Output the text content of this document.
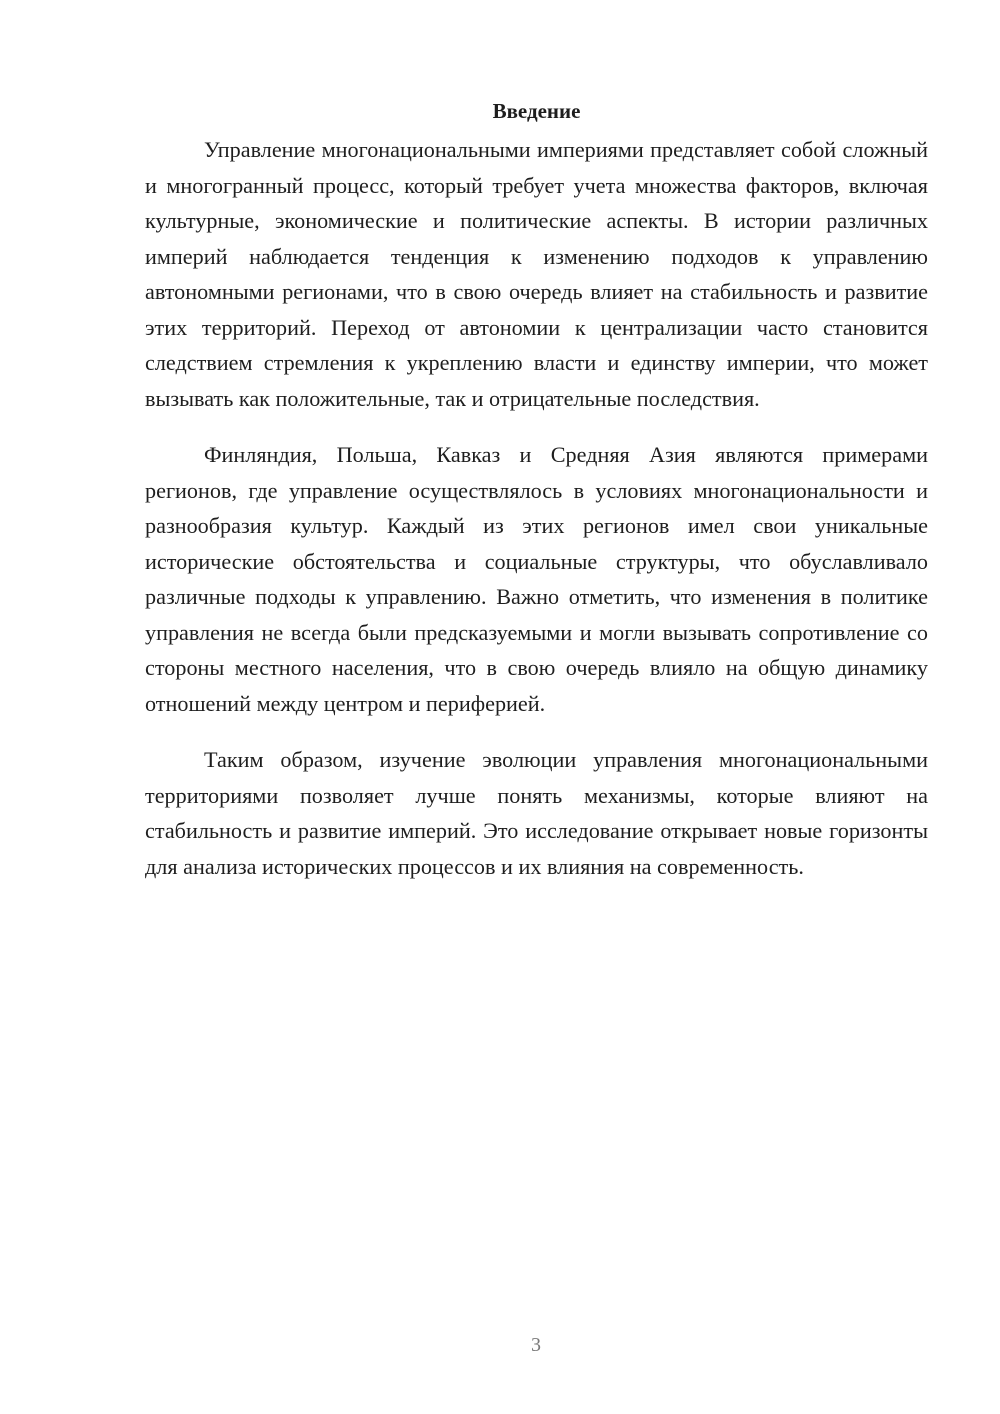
Введение

Управление многонациональными империями представляет собой сложный и многогранный процесс, который требует учета множества факторов, включая культурные, экономические и политические аспекты. В истории различных империй наблюдается тенденция к изменению подходов к управлению автономными регионами, что в свою очередь влияет на стабильность и развитие этих территорий. Переход от автономии к централизации часто становится следствием стремления к укреплению власти и единству империи, что может вызывать как положительные, так и отрицательные последствия.

Финляндия, Польша, Кавказ и Средняя Азия являются примерами регионов, где управление осуществлялось в условиях многонациональности и разнообразия культур. Каждый из этих регионов имел свои уникальные исторические обстоятельства и социальные структуры, что обуславливало различные подходы к управлению. Важно отметить, что изменения в политике управления не всегда были предсказуемыми и могли вызывать сопротивление со стороны местного населения, что в свою очередь влияло на общую динамику отношений между центром и периферией.

Таким образом, изучение эволюции управления многонациональными территориями позволяет лучше понять механизмы, которые влияют на стабильность и развитие империй. Это исследование открывает новые горизонты для анализа исторических процессов и их влияния на современность.

3
